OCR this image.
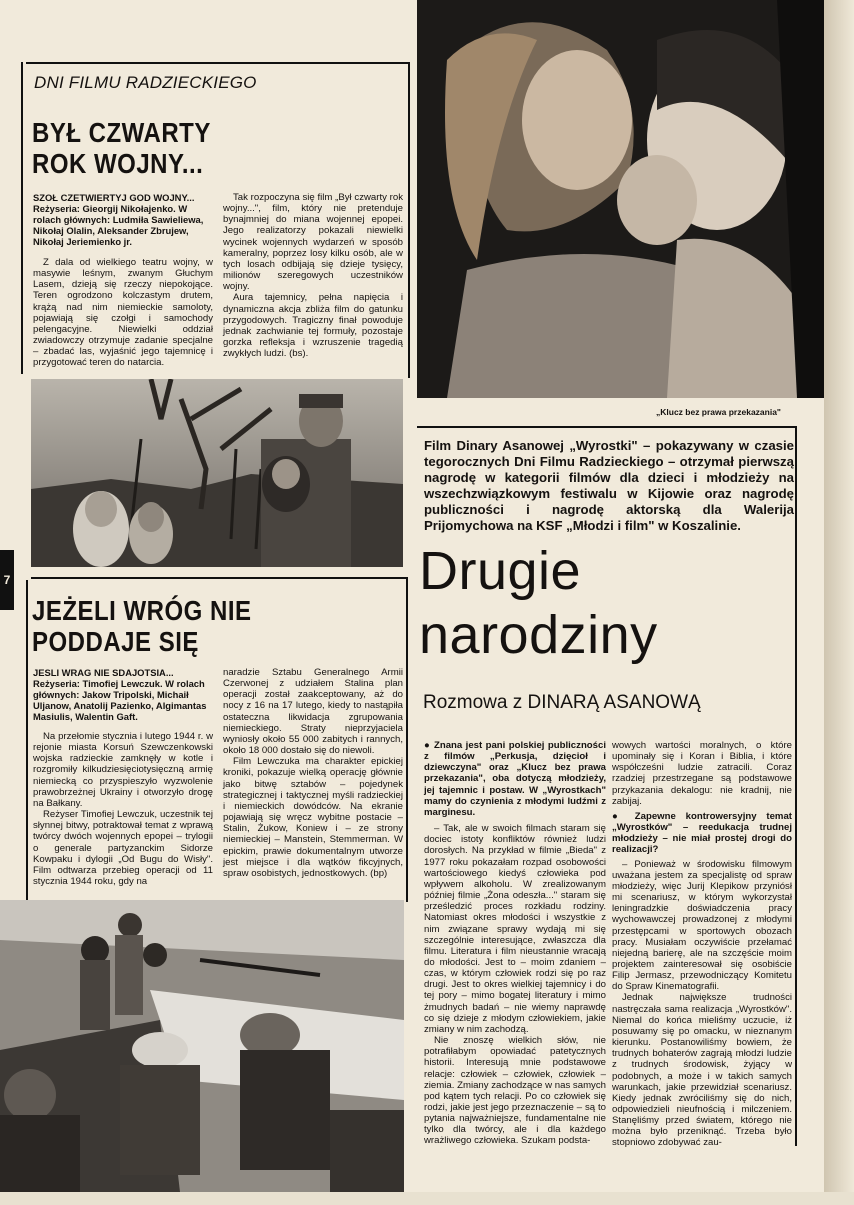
DNI FILMU RADZIECKIEGO
BYŁ CZWARTY ROK WOJNY...
SZOŁ CZETWIERTYJ GOD WOJNY... Reżyseria: Gieorgij Nikołajenko. W rolach głównych: Ludmiła Sawieliewa, Nikołaj Olalin, Aleksander Zbrujew, Nikołaj Jeriemienko jr.

Z dala od wielkiego teatru wojny, w masywie leśnym, zwanym Głuchym Lasem, dzieją się rzeczy niepokojące. Teren ogrodzono kolczastym drutem, krążą nad nim niemieckie samoloty, pojawiają się czołgi i samochody pelengacyjne. Niewielki oddział zwiadowczy otrzymuje zadanie specjalne – zbadać las, wyjaśnić jego tajemnicę i przygotować teren do natarcia.

Tak rozpoczyna się film „Był czwarty rok wojny...", film, który nie pretenduje bynajmniej do miana wojennej epopei. Jego realizatorzy pokazali niewielki wycinek wojennych wydarzeń w sposób kameralny, poprzez losy kilku osób, ale w tych losach odbijają się dzieje tysięcy, milionów szeregowych uczestników wojny.

Aura tajemnicy, pełna napięcia i dynamiczna akcja zbliża film do gatunku przygodowych. Tragiczny finał powoduje jednak zachwianie tej formuły, pozostaje gorzka refleksja i wzruszenie tragedią zwykłych ludzi. (bs).

7
JEŻELI WRÓG NIE PODDAJE SIĘ
JESLI WRAG NIE SDAJOTSIA... Reżyseria: Timofiej Lewczuk. W rolach głównych: Jakow Tripolski, Michaił Uljanow, Anatolij Pazienko, Algimantas Masiulis, Walentin Gaft.

Na przełomie stycznia i lutego 1944 r. w rejonie miasta Korsuń Szewczenkowski wojska radzieckie zamknęły w kotle i rozgromiły kilkudziesięciotysięczną armię niemiecką co przyspieszyło wyzwolenie prawobrzeżnej Ukrainy i otworzyło drogę na Bałkany.

Reżyser Timofiej Lewczuk, uczestnik tej słynnej bitwy, potraktował temat z wprawą twórcy dwóch wojennych epopei – trylogii o generale partyzanckim Sidorze Kowpaku i dylogii „Od Bugu do Wisły". Film odtwarza przebieg operacji od 11 stycznia 1944 roku, gdy na

naradzie Sztabu Generalnego Armii Czerwonej z udziałem Stalina plan operacji został zaakceptowany, aż do nocy z 16 na 17 lutego, kiedy to nastąpiła ostateczna likwidacja zgrupowania niemieckiego. Straty nieprzyjaciela wyniosły około 55 000 zabitych i rannych, około 18 000 dostało się do niewoli.

Film Lewczuka ma charakter epickiej kroniki, pokazuje wielką operację głównie jako bitwę sztabów – pojedynek strategicznej i taktycznej myśli radzieckiej i niemieckich dowódców. Na ekranie pojawiają się wręcz wybitne postacie – Stalin, Żukow, Koniew i – ze strony niemieckiej – Manstein, Stemmerman. W epickim, prawie dokumentalnym utworze jest miejsce i dla wątków fikcyjnych, spraw osobistych, jednostkowych. (bp)

„Klucz bez prawa przekazania"
Film Dinary Asanowej „Wyrostki" – pokazywany w czasie tegorocznych Dni Filmu Radzieckiego – otrzymał pierwszą nagrodę w kategorii filmów dla dzieci i młodzieży na wszechzwiązkowym festiwalu w Kijowie oraz nagrodę publiczności i nagrodę aktorską dla Walerija Prijomychowa na KSF „Młodzi i film" w Koszalinie.
Drugie
narodziny
Rozmowa z DINARĄ ASANOWĄ

● Znana jest pani polskiej publiczności z filmów „Perkusja, dzięcioł i dziewczyna" oraz „Klucz bez prawa przekazania", oba dotyczą młodzieży, jej tajemnic i postaw. W „Wyrostkach" mamy do czynienia z młodymi ludźmi z marginesu.

– Tak, ale w swoich filmach staram się dociec istoty konfliktów również ludzi dorosłych. Na przykład w filmie „Bieda" z 1977 roku pokazałam rozpad osobowości wartościowego kiedyś człowieka pod wpływem alkoholu. W zrealizowanym później filmie „Żona odeszła..." staram się prześledzić proces rozkładu rodziny. Natomiast okres młodości i wszystkie z nim związane sprawy wydają mi się szczególnie interesujące, zwłaszcza dla filmu. Literatura i film nieustannie wracają do młodości. Jest to – moim zdaniem – czas, w którym człowiek rodzi się po raz drugi. Jest to okres wielkiej tajemnicy i do tej pory – mimo bogatej literatury i mimo żmudnych badań – nie wiemy naprawdę co się dzieje z młodym człowiekiem, jakie zmiany w nim zachodzą.

Nie znoszę wielkich słów, nie potrafiłabym opowiadać patetycznych historii. Interesują mnie podstawowe relacje: człowiek – człowiek, człowiek – ziemia. Zmiany zachodzące w nas samych pod kątem tych relacji. Po co człowiek się rodzi, jakie jest jego przeznaczenie – są to pytania najważniejsze, fundamentalne nie tylko dla twórcy, ale i dla każdego wrażliwego człowieka. Szukam podsta-

wowych wartości moralnych, o które upominały się i Koran i Biblia, i które współcześni ludzie zatracili. Coraz rzadziej przestrzegane są podstawowe przykazania dekalogu: nie kradnij, nie zabijaj.

● Zapewne kontrowersyjny temat „Wyrostków" – reedukacja trudnej młodzieży – nie miał prostej drogi do realizacji?

– Ponieważ w środowisku filmowym uważana jestem za specjalistę od spraw młodzieży, więc Jurij Klepikow przyniósł mi scenariusz, w którym wykorzystał leningradzkie doświadczenia pracy wychowawczej prowadzonej z młodymi przestępcami w sportowych obozach pracy. Musiałam oczywiście przełamać niejedną barierę, ale na szczęście moim projektem zainteresował się osobiście Filip Jermasz, przewodniczący Komitetu do Spraw Kinematografii.

Jednak największe trudności nastręczała sama realizacja „Wyrostków". Niemal do końca mieliśmy uczucie, iż posuwamy się po omacku, w nieznanym kierunku. Postanowiliśmy bowiem, że trudnych bohaterów zagrają młodzi ludzie z trudnych środowisk, żyjący w podobnych, a może i w takich samych warunkach, jakie przewidział scenariusz. Kiedy jednak zwróciliśmy się do nich, odpowiedzieli nieufnością i milczeniem. Stanęliśmy przed światem, którego nie można było przeniknąć. Trzeba było stopniowo zdobywać zau-
